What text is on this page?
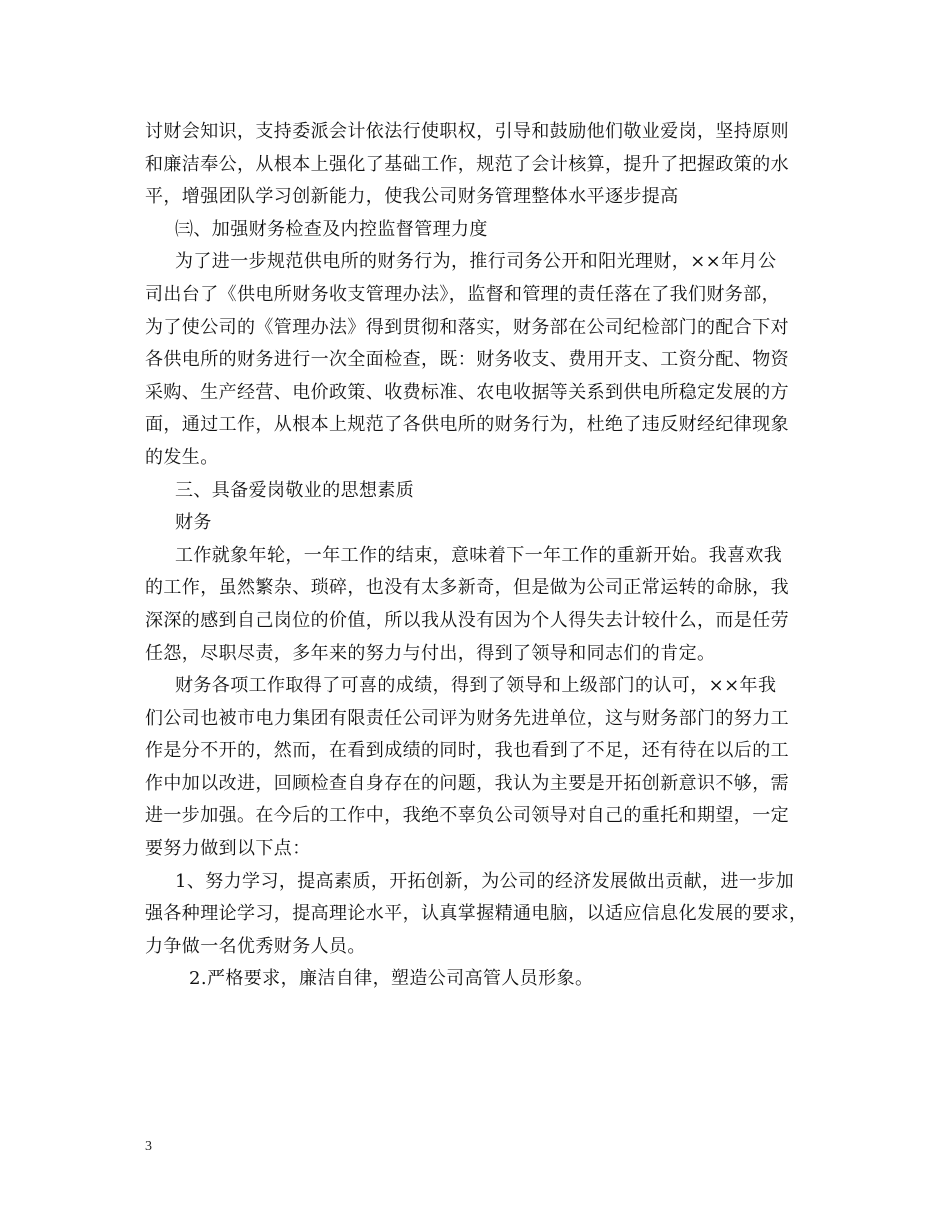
讨财会知识，支持委派会计依法行使职权，引导和鼓励他们敬业爱岗，坚持原则
和廉洁奉公，从根本上强化了基础工作，规范了会计核算，提升了把握政策的水
平，增强团队学习创新能力，使我公司财务管理整体水平逐步提高
㈢、加强财务检查及内控监督管理力度
为了进一步规范供电所的财务行为，推行司务公开和阳光理财，××年月公
司出台了《供电所财务收支管理办法》，监督和管理的责任落在了我们财务部，
为了使公司的《管理办法》得到贯彻和落实，财务部在公司纪检部门的配合下对
各供电所的财务进行一次全面检查，既：财务收支、费用开支、工资分配、物资
采购、生产经营、电价政策、收费标准、农电收据等关系到供电所稳定发展的方
面，通过工作，从根本上规范了各供电所的财务行为，杜绝了违反财经纪律现象
的发生。
三、具备爱岗敬业的思想素质
财务
工作就象年轮，一年工作的结束，意味着下一年工作的重新开始。我喜欢我
的工作，虽然繁杂、琐碎，也没有太多新奇，但是做为公司正常运转的命脉，我
深深的感到自己岗位的价值，所以我从没有因为个人得失去计较什么，而是任劳
任怨，尽职尽责，多年来的努力与付出，得到了领导和同志们的肯定。
财务各项工作取得了可喜的成绩，得到了领导和上级部门的认可，××年我
们公司也被市电力集团有限责任公司评为财务先进单位，这与财务部门的努力工
作是分不开的，然而，在看到成绩的同时，我也看到了不足，还有待在以后的工
作中加以改进，回顾检查自身存在的问题，我认为主要是开拓创新意识不够，需
进一步加强。在今后的工作中，我绝不辜负公司领导对自己的重托和期望，一定
要努力做到以下点：
1、努力学习，提高素质，开拓创新，为公司的经济发展做出贡献，进一步加
强各种理论学习，提高理论水平，认真掌握精通电脑，以适应信息化发展的要求，
力争做一名优秀财务人员。
2.严格要求，廉洁自律，塑造公司高管人员形象。
3
